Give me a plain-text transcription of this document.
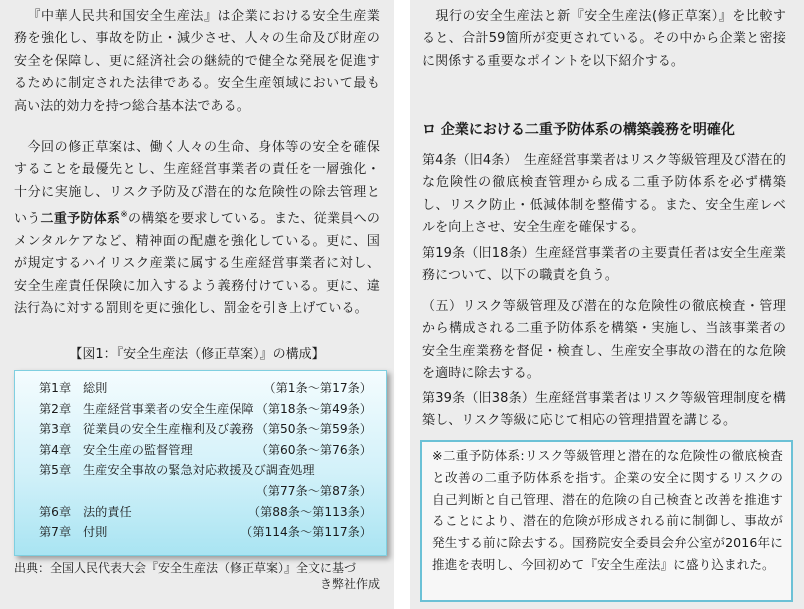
『中華人民共和国安全生産法』は企業における安全生産業務を強化し、事故を防止・減少させ、人々の生命及び財産の安全を保障し、更に経済社会の継続的で健全な発展を促進するために制定された法律である。安全生産領域において最も高い法的効力を持つ総合基本法である。

今回の修正草案は、働く人々の生命、身体等の安全を確保することを最優先とし、生産経営事業者の責任を一層強化・十分に実施し、リスク予防及び潜在的な危険性の除去管理という二重予防体系※の構築を要求している。また、従業員へのメンタルケアなど、精神面の配慮を強化している。更に、国が規定するハイリスク産業に属する生産経営事業者に対し、安全生産責任保険に加入するよう義務付けている。更に、違法行為に対する罰則を更に強化し、罰金を引き上げている。

【図1：『安全生産法（修正草案）』の構成】
第1章 総則	（第1条～第17条）
第2章 生産経営事業者の安全生産保障 （第18条～第49条）
第3章 従業員の安全生産権利及び義務 （第50条～第59条）
第4章 安全生産の監督管理	（第60条～第76条）
第5章 生産安全事故の緊急対応救援及び調査処理
（第77条～第87条）
第6章 法的責任	（第88条～第113条）
第7章 付則	（第114条～第117条）
出典：全国人民代表大会『安全生産法（修正草案）』全文に基づ
き弊社作成

現行の安全生産法と新『安全生産法(修正草案）』を比較すると、合計59箇所が変更されている。その中から企業と密接に関係する重要なポイントを以下紹介する。

ロ 企業における二重予防体系の構築義務を明確化

第4条（旧4条）　生産経営事業者はリスク等級管理及び潜在的な危険性の徹底検査管理から成る二重予防体系を必ず構築し、リスク防止・低減体制を整備する。また、安全生産レベルを向上させ、安全生産を確保する。

第19条（旧18条）生産経営事業者の主要責任者は安全生産業務について、以下の職責を負う。

（五）リスク等級管理及び潜在的な危険性の徹底検査・管理から構成される二重予防体系を構築・実施し、当該事業者の安全生産業務を督促・検査し、生産安全事故の潜在的な危険を適時に除去する。

第39条（旧38条）生産経営事業者はリスク等級管理制度を構築し、リスク等級に応じて相応の管理措置を講じる。

※二重予防体系:リスク等級管理と潜在的な危険性の徹底検査と改善の二重予防体系を指す。企業の安全に関するリスクの自己判断と自己管理、潜在的危険の自己検査と改善を推進することにより、潜在的危険が形成される前に制御し、事故が発生する前に除去する。国務院安全委員会弁公室が2016年に推進を表明し、今回初めて『安全生産法』に盛り込まれた。
